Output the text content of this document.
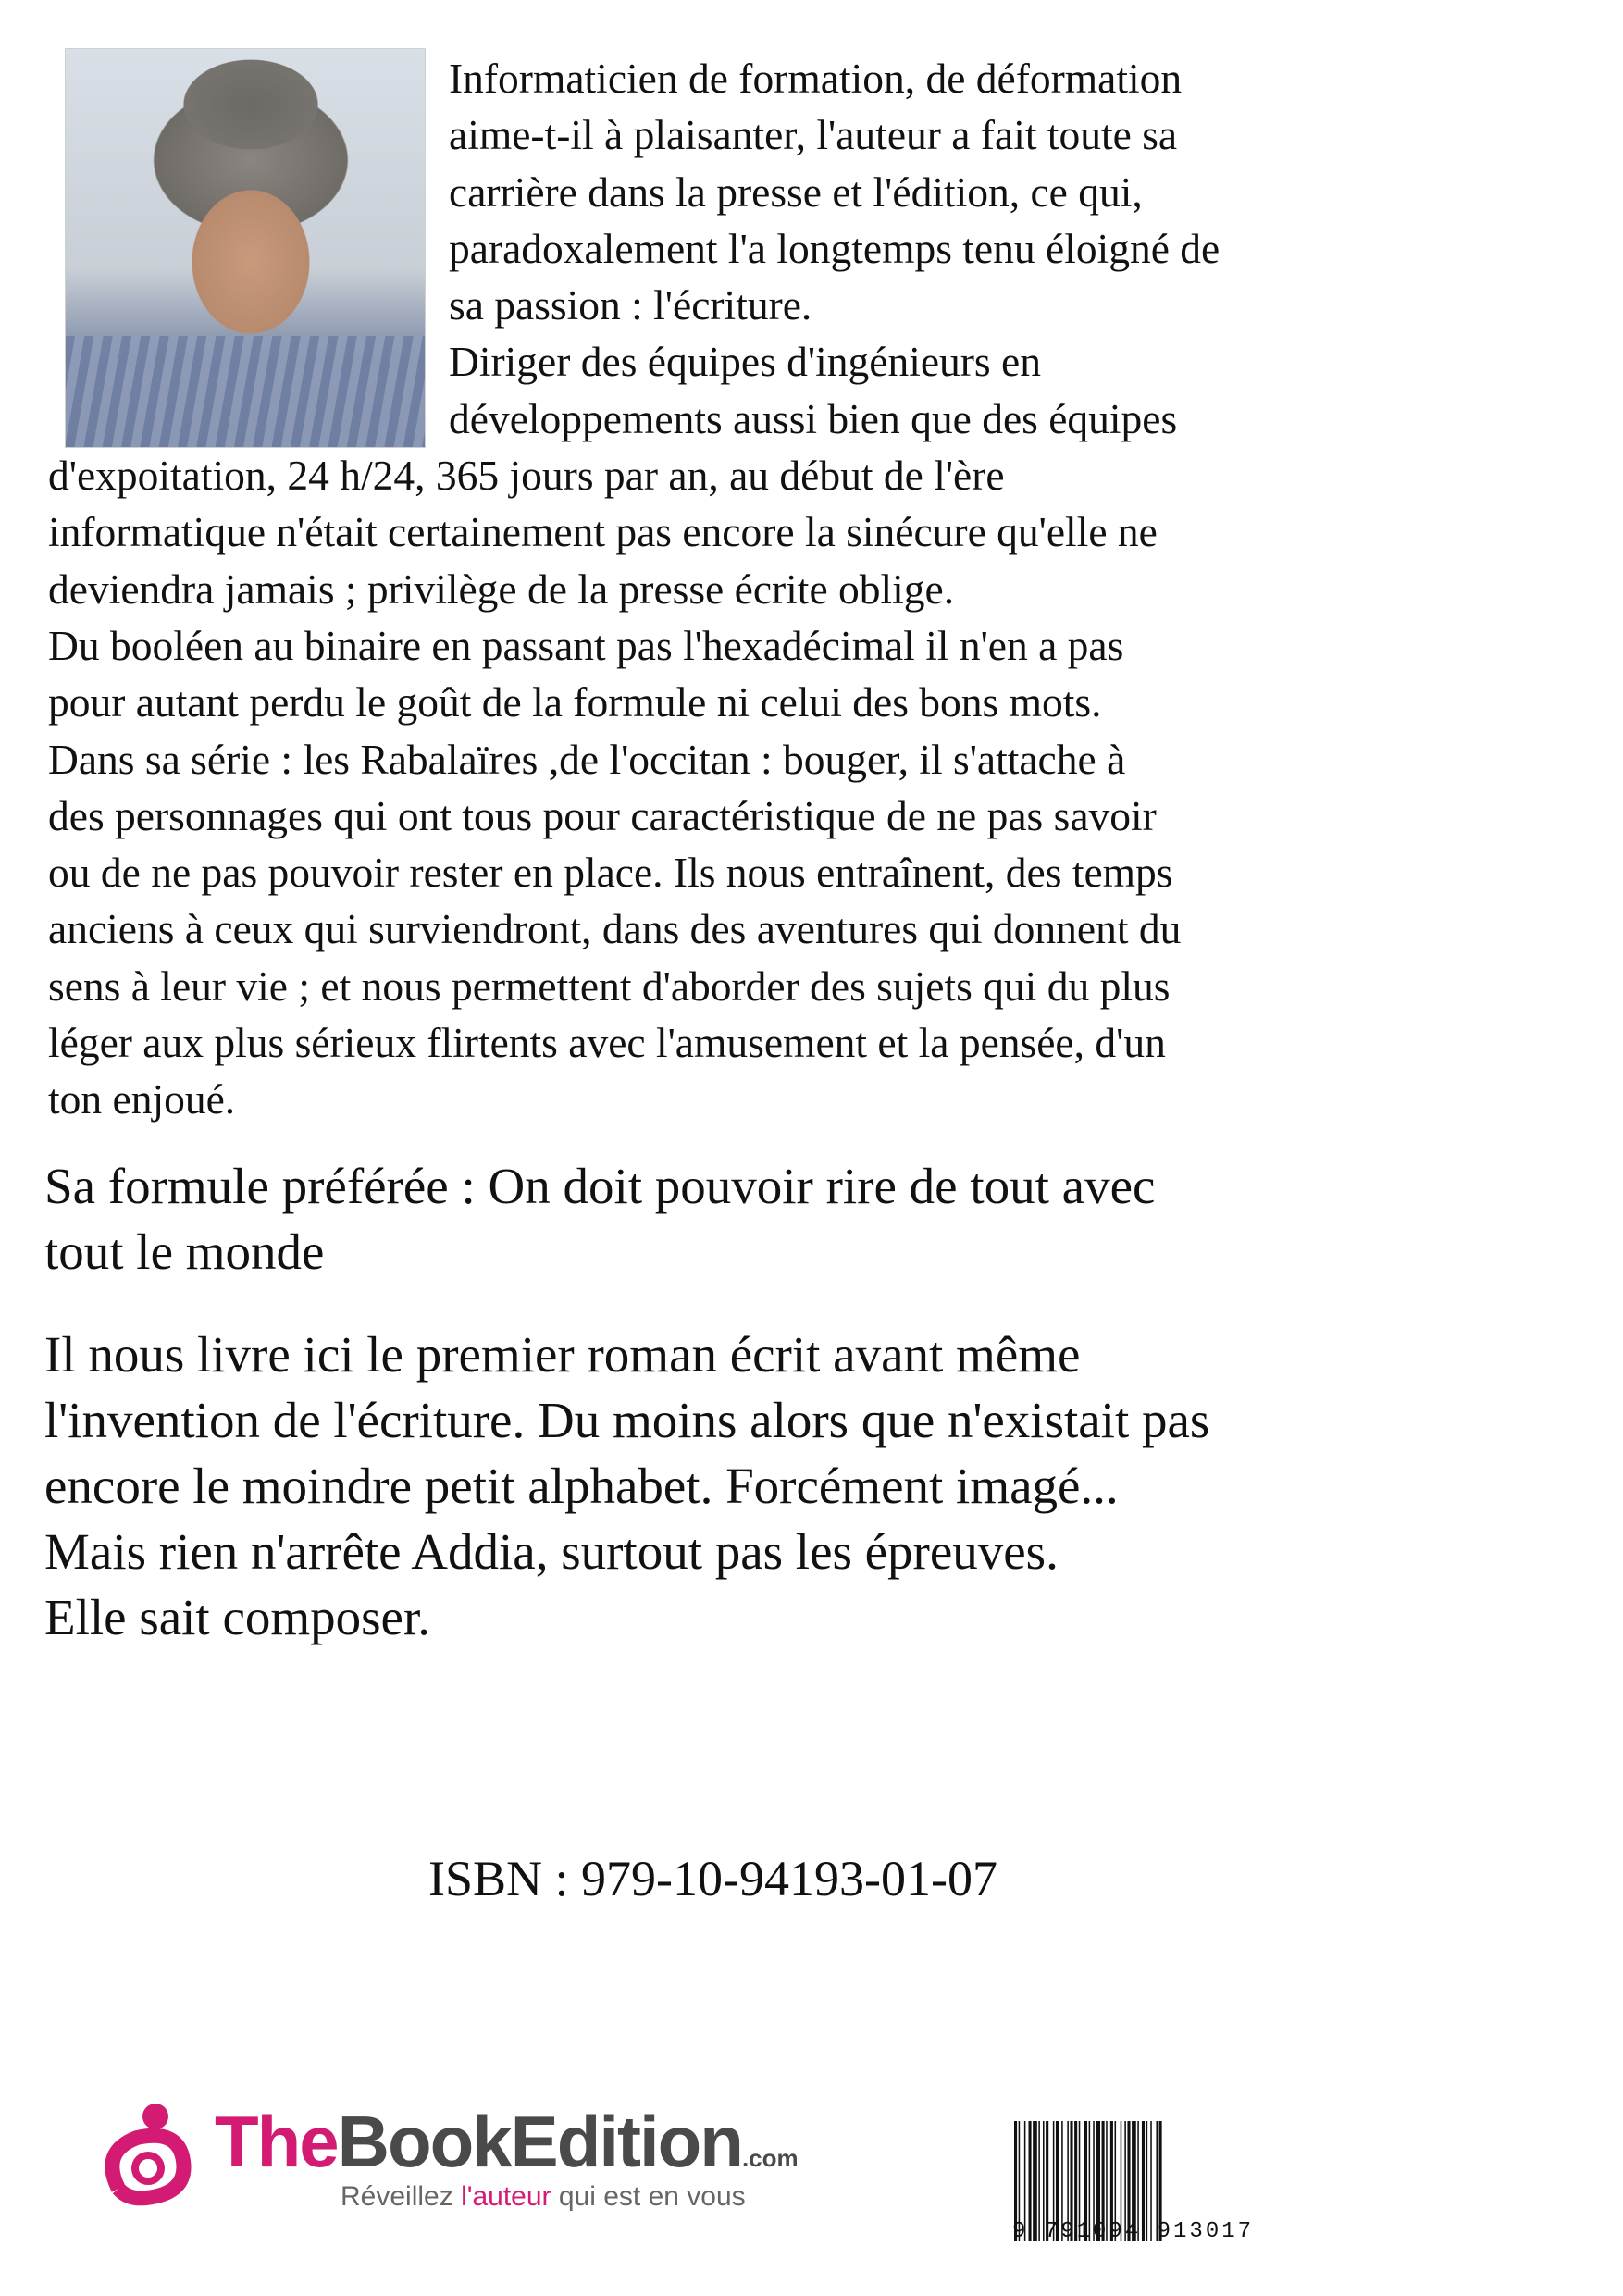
Informaticien de formation, de déformation
aime-t-il à plaisanter, l'auteur a fait toute sa
carrière dans la presse et l'édition, ce qui,
paradoxalement l'a longtemps tenu éloigné de
sa passion : l'écriture.
Diriger des équipes d'ingénieurs en
développements aussi bien que des équipes
d'expoitation, 24 h/24, 365 jours par an, au début de l'ère
informatique n'était certainement pas encore la sinécure qu'elle ne
deviendra jamais ; privilège de la presse écrite oblige.
Du booléen au binaire en passant pas l'hexadécimal il n'en a pas
pour autant perdu le goût de la formule ni celui des bons mots.
Dans sa série : les Rabalaïres ,de l'occitan : bouger, il s'attache à
des personnages qui ont tous pour caractéristique de ne pas savoir
ou de ne pas pouvoir rester en place. Ils nous entraînent, des temps
anciens à ceux qui surviendront, dans des aventures qui donnent du
sens à leur vie ; et nous permettent d'aborder des sujets qui du plus
léger aux plus sérieux flirtents avec l'amusement et la pensée, d'un
ton enjoué.
Sa formule préférée : On doit pouvoir rire de tout avec
tout le monde
Il nous livre ici le premier roman écrit avant même
l'invention de l'écriture. Du moins alors que n'existait pas
encore le moindre petit alphabet. Forcément imagé...
Mais rien n'arrête Addia, surtout pas les épreuves.
Elle sait composer.
ISBN : 979-10-94193-01-07
TheBookEdition.com
Réveillez l'auteur qui est en vous
9 791094 913017
